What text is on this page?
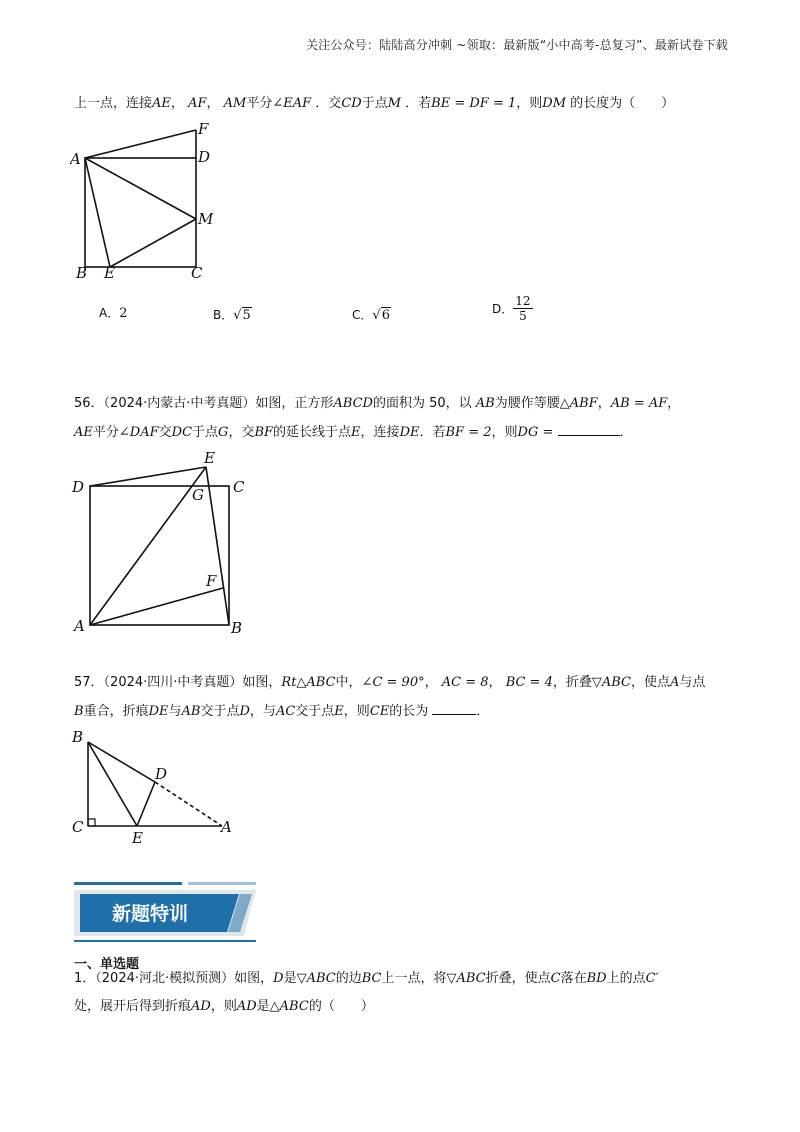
关注公众号：陆陆高分冲刺 ~领取：最新版“小中高考-总复习”、最新试卷下载
上一点，连接AE， AF， AM平分∠EAF ．交CD于点M ．若BE = DF = 1，则DM 的长度为（　　）
F
A	D
M
B E	C
A．2	B．√5	C．√6	D． $\frac{12}{5}$
56．（2024·内蒙古·中考真题）如图，正方形ABCD的面积为 50，以 AB为腰作等腰△ABF，AB = AF，
AE平分∠DAF交DC于点G，交BF的延长线于点E，连接DE．若BF = 2，则DG =	．
E
D	G C
F
A	B
57．（2024·四川·中考真题）如图，Rt△ABC中，∠C = 90°， AC = 8， BC = 4，折叠▽ABC，使点A与点
B重合，折痕DE与AB交于点D，与AC交于点E，则CE的长为	．
B
D
C
E
A
新题特训
一、单选题
1．（2024·河北·模拟预测）如图，D是▽ABC的边BC上一点，将▽ABC折叠，使点C落在BD上的点C′
处，展开后得到折痕AD，则AD是△ABC的（　　）
